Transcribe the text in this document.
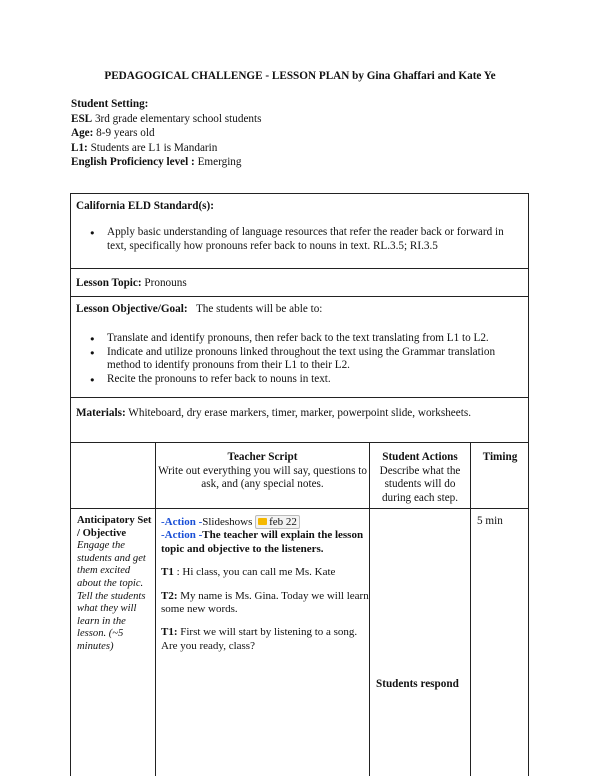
PEDAGOGICAL CHALLENGE - LESSON PLAN by Gina Ghaffari and Kate Ye
Student Setting:
ESL 3rd grade elementary school students
Age: 8-9 years old
L1: Students are L1 is Mandarin
English Proficiency level : Emerging
California ELD Standard(s):
● Apply basic understanding of language resources that refer the reader back or forward in text, specifically how pronouns refer back to nouns in text. RL.3.5; RI.3.5
Lesson Topic: Pronouns
Lesson Objective/Goal: The students will be able to:
● Translate and identify pronouns, then refer back to the text translating from L1 to L2.
● Indicate and utilize pronouns linked throughout the text using the Grammar translation method to identify pronouns from their L1 to their L2.
● Recite the pronouns to refer back to nouns in text.
Materials: Whiteboard, dry erase markers, timer, marker, powerpoint slide, worksheets.
Teacher Script
Write out everything you will say, questions to ask, and (any special notes.
Student Actions
Describe what the students will do during each step.
Timing
Anticipatory Set / Objective
Engage the students and get them excited about the topic. Tell the students what they will learn in the lesson. (~5 minutes)

-Action -Slideshows feb 22

-Action -The teacher will explain the lesson topic and objective to the listeners.

T1 : Hi class, you can call me Ms. Kate

T2: My name is Ms. Gina. Today we will learn some new words.

T1: First we will start by listening to a song. Are you ready, class?

Students respond
5 min
